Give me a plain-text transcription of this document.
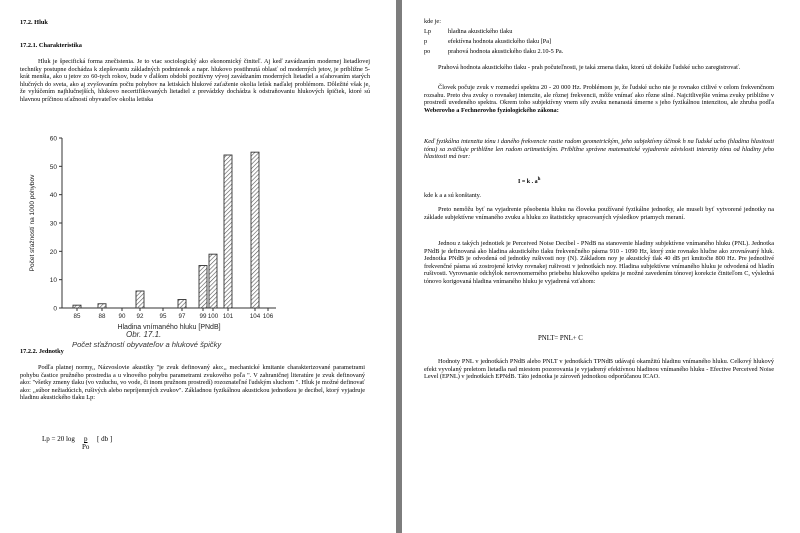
17.2. Hluk
17.2.1. Charakteristika
Hluk je špecifická forma znečistenia. Je to viac sociologický ako ekonomický činiteľ. Aj keď zavádzaním modernej lietadlovej techniky postupne dochádza k zlepšovaniu základných podmienok a napr. hlukovo postihnutá oblasť od moderných jetov, je približne 5-krát menšia, ako u jetov zo 60-tych rokov, bude v ďalšom období pozitívny vývoj zavádzaním moderných lietadiel a sťahovaním starých hlučných do sveta, ako aj zvyšovaním počtu pohybov na letiskách hlukové zaťaženie okolia letísk naďalej problémom. Dôležité však je, že vylúčením najhlučnejších, hlukovo necertifikovaných lietadiel z prevádzky dochádza k odstraňovaniu hlukových špičiek, ktoré sú hlavnou príčinou sťažností obyvateľov okolia letiska
Počet sťažností na 1000 pohybov
Hladina vnímaného hluku [PNdB]
0
10
20
30
40
50
60
85	88 90 92	95 97 99 100 101	104 106
Obr. 17.1.
Počet sťažností obyvateľov a hlukové špičky
17.2.2. Jednotky
Podľa platnej normy,, Názvoslovie akustiky "je zvuk definovaný ako:,, mechanické kmitanie charakterizované parametrami pohybu častice pružného prostredia a u vlnového pohybu parametrami zvukového poľa ". V zahraničnej literatúre je zvuk definovaný ako: "všetky zmeny tlaku (vo vzduchu, vo vode, či inom pružnom prostredí) rozoznateľné ľudským sluchom ". Hluk je možné definovať ako: ,,súbor nežiadúcich, rušivých alebo nepríjemných zvukov". Základnou fyzikálnou akustickou jednotkou je decibel, ktorý vyjadruje hladinu akustického tlaku Lp:
Lp = 20 log p [ db ]
Po
kde je:
Lp	hladina akustického tlaku
p	efektívna hodnota akustického tlaku [Pa]
po	prahová hodnota akustického tlaku 2.10-5 Pa.
Prahová hodnota akustického tlaku - prah počuteľnosti, je taká zmena tlaku, ktorú už dokáže ľudské ucho zaregistrovať.
Človek počuje zvuk v rozmedzí spektra 20 - 20 000 Hz. Problémom je, že ľudské ucho nie je rovnako citlivé v celom frekvenčnom rozsahu. Preto dva zvuky o rovnakej intenzite, ale rôznej frekvencii, môže vnímať ako rôzne silné. Najcitlivejšie vníma zvuky približne v prostredí uvedeného spektra. Okrem toho subjektívny vnem sily zvuku nenarastá úmerne s jeho fyzikálnou intenzitou, ale zhruba podľa Weberovho a Fechnerovho fyziologického zákona:
Keď fyzikálna intenzita tónu i daného frekvencie rastie radom geometrickým, jeho subjektívny účinok h na ľudské ucho (hladina hlasitosti tónu) sa zväčšuje približne len radom aritmetickým. Približne správne matematické vyjadrenie závislosti intenzity tónu od hladiny jeho hlasitosti má tvar:
I = k . $a^h$
kde k a a sú konštanty.
Preto nemôžu byť na vyjadrenie pôsobenia hluku na človeka používané fyzikálne jednotky, ale museli byť vytvorené jednotky na základe subjektívne vnímaného zvuku a hluku zo štatisticky spracovaných výsledkov priamych meraní.
Jednou z takých jednotiek je Perceived Noise Decibel - PNdB na stanovenie hladiny subjektívne vnímaného hluku (PNL). Jednotka PNdB je definovaná ako hladina akustického tlaku frekvenčného pásma 910 - 1090 Hz, ktorý znie rovnako hlučne ako zrovnávaný hluk. Jednotka PNdB je odvodená od jednotky rušivosti noy (N). Základom noy je akustický tlak 40 dB pri kmitočte 800 Hz. Pre jednotlivé frekvenčné pásma sú zostrojené krivky rovnakej rušivosti v jednotkách noy. Hladina subjektívne vnímaného hluku je odvodená od hladín rušivosti. Vyrovnanie odchýlok nerovnomerného priebehu hlukového spektra je možné zavedením tónovej korekcie činiteľom C, výsledná tónovo korigovaná hladina vnímaného hluku je vyjadrená vzťahom:
PNLT= PNL+ C
Hodnoty PNL v jednotkách PNdB alebo PNLT v jednotkách TPNdB udávajú okamžitú hladinu vnímaného hluku. Celkový hlukový efekt vyvolaný preletom lietadla nad miestom pozorovania je vyjadrený efektívnou hladinou vnímaného hluku - Efective Perceived Noise Level (EPNL) v jednotkách EPNdB. Táto jednotka je zároveň jednotkou odporúčanou ICAO.
